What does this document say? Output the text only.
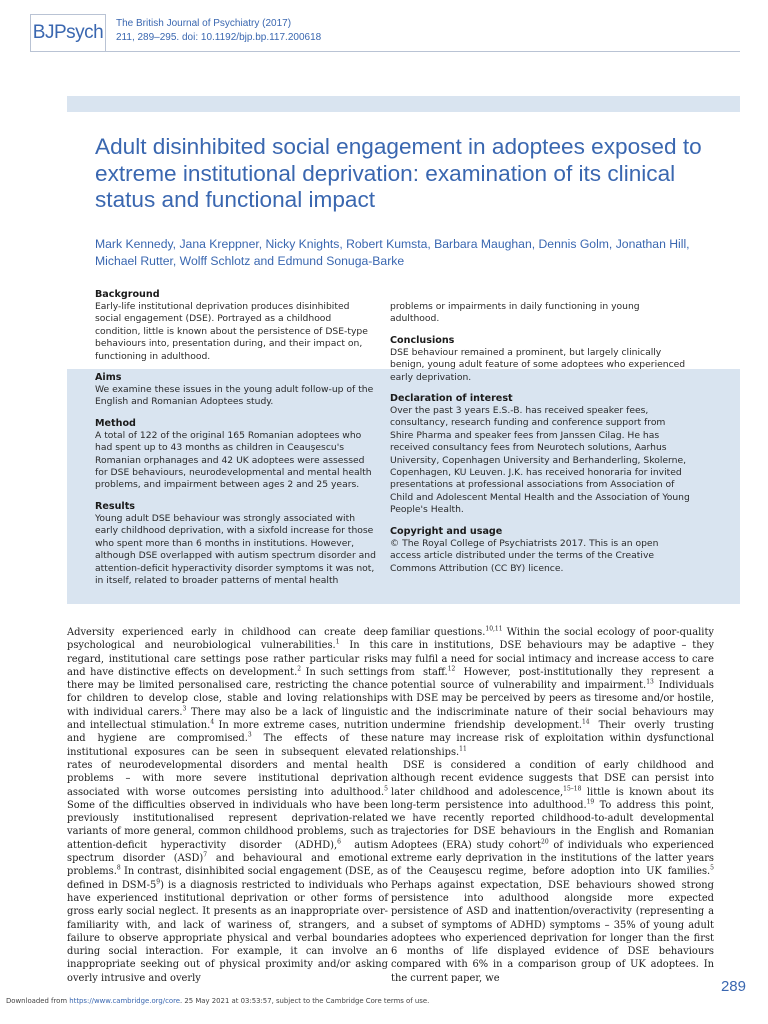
BJPsych The British Journal of Psychiatry (2017)
211, 289–295. doi: 10.1192/bjp.bp.117.200618
Adult disinhibited social engagement in adoptees exposed to extreme institutional deprivation: examination of its clinical status and functional impact

Mark Kennedy, Jana Kreppner, Nicky Knights, Robert Kumsta, Barbara Maughan, Dennis Golm, Jonathan Hill, Michael Rutter, Wolff Schlotz and Edmund Sonuga-Barke

Background

Early-life institutional deprivation produces disinhibited social engagement (DSE). Portrayed as a childhood condition, little is known about the persistence of DSE-type behaviours into, presentation during, and their impact on, functioning in adulthood.

Aims

We examine these issues in the young adult follow-up of the English and Romanian Adoptees study.

Method

A total of 122 of the original 165 Romanian adoptees who had spent up to 43 months as children in Ceauşescu's Romanian orphanages and 42 UK adoptees were assessed for DSE behaviours, neurodevelopmental and mental health problems, and impairment between ages 2 and 25 years.

Results

Young adult DSE behaviour was strongly associated with early childhood deprivation, with a sixfold increase for those who spent more than 6 months in institutions. However, although DSE overlapped with autism spectrum disorder and attention-deficit hyperactivity disorder symptoms it was not, in itself, related to broader patterns of mental health

problems or impairments in daily functioning in young adulthood.

Conclusions

DSE behaviour remained a prominent, but largely clinically benign, young adult feature of some adoptees who experienced early deprivation.

Declaration of interest

Over the past 3 years E.S.-B. has received speaker fees, consultancy, research funding and conference support from Shire Pharma and speaker fees from Janssen Cilag. He has received consultancy fees from Neurotech solutions, Aarhus University, Copenhagen University and Berhanderling, Skolerne, Copenhagen, KU Leuven. J.K. has received honoraria for invited presentations at professional associations from Association of Child and Adolescent Mental Health and the Association of Young People's Health.

Copyright and usage

© The Royal College of Psychiatrists 2017. This is an open access article distributed under the terms of the Creative Commons Attribution (CC BY) licence.

Adversity experienced early in childhood can create deep psychological and neurobiological vulnerabilities.$^1$ In this regard, institutional care settings pose rather particular risks and have distinctive effects on development.$^2$ In such settings there may be limited personalised care, restricting the chance for children to develop close, stable and loving relationships with individual carers.$^3$ There may also be a lack of linguistic and intellectual stimulation.$^4$ In more extreme cases, nutrition and hygiene are compromised.$^3$ The effects of these institutional exposures can be seen in subsequent elevated rates of neurodevelopmental disorders and mental health problems – with more severe institutional deprivation associated with worse outcomes persisting into adulthood.$^5$ Some of the difficulties observed in individuals who have been previously institutionalised represent deprivation-related variants of more general, common childhood problems, such as attention-deficit hyperactivity disorder (ADHD),$^6$ autism spectrum disorder (ASD)$^7$ and behavioural and emotional problems.$^8$ In contrast, disinhibited social engagement (DSE, as defined in DSM-$5^9$) is a diagnosis restricted to individuals who have experienced institutional deprivation or other forms of gross early social neglect. It presents as an inappropriate over-familiarity with, and lack of wariness of, strangers, and a failure to observe appropriate physical and verbal boundaries during social interaction. For example, it can involve an inappropriate seeking out of physical proximity and/or asking overly intrusive and overly

familiar questions.$^{10,11}$ Within the social ecology of poor-quality care in institutions, DSE behaviours may be adaptive – they may fulfil a need for social intimacy and increase access to care from staff.$^{12}$ However, post-institutionally they represent a potential source of vulnerability and impairment.$^{13}$ Individuals with DSE may be perceived by peers as tiresome and/or hostile, and the indiscriminate nature of their social behaviours may undermine friendship development.$^{14}$ Their overly trusting nature may increase risk of exploitation within dysfunctional relationships.$^{11}$

DSE is considered a condition of early childhood and although recent evidence suggests that DSE can persist into later childhood and adolescence,$^{15-18}$ little is known about its long-term persistence into adulthood.$^{19}$ To address this point, we have recently reported childhood-to-adult developmental trajectories for DSE behaviours in the English and Romanian Adoptees (ERA) study cohort$^{20}$ of individuals who experienced extreme early deprivation in the institutions of the latter years of the Ceauşescu regime, before adoption into UK families.$^5$ Perhaps against expectation, DSE behaviours showed strong persistence into adulthood alongside more expected persistence of ASD and inattention/overactivity (representing a subset of symptoms of ADHD) symptoms – 35% of young adult adoptees who experienced deprivation for longer than the first 6 months of life displayed evidence of DSE behaviours compared with 6% in a comparison group of UK adoptees. In the current paper, we	289
Downloaded from https://www.cambridge.org/core. 25 May 2021 at 03:53:57, subject to the Cambridge Core terms of use.
